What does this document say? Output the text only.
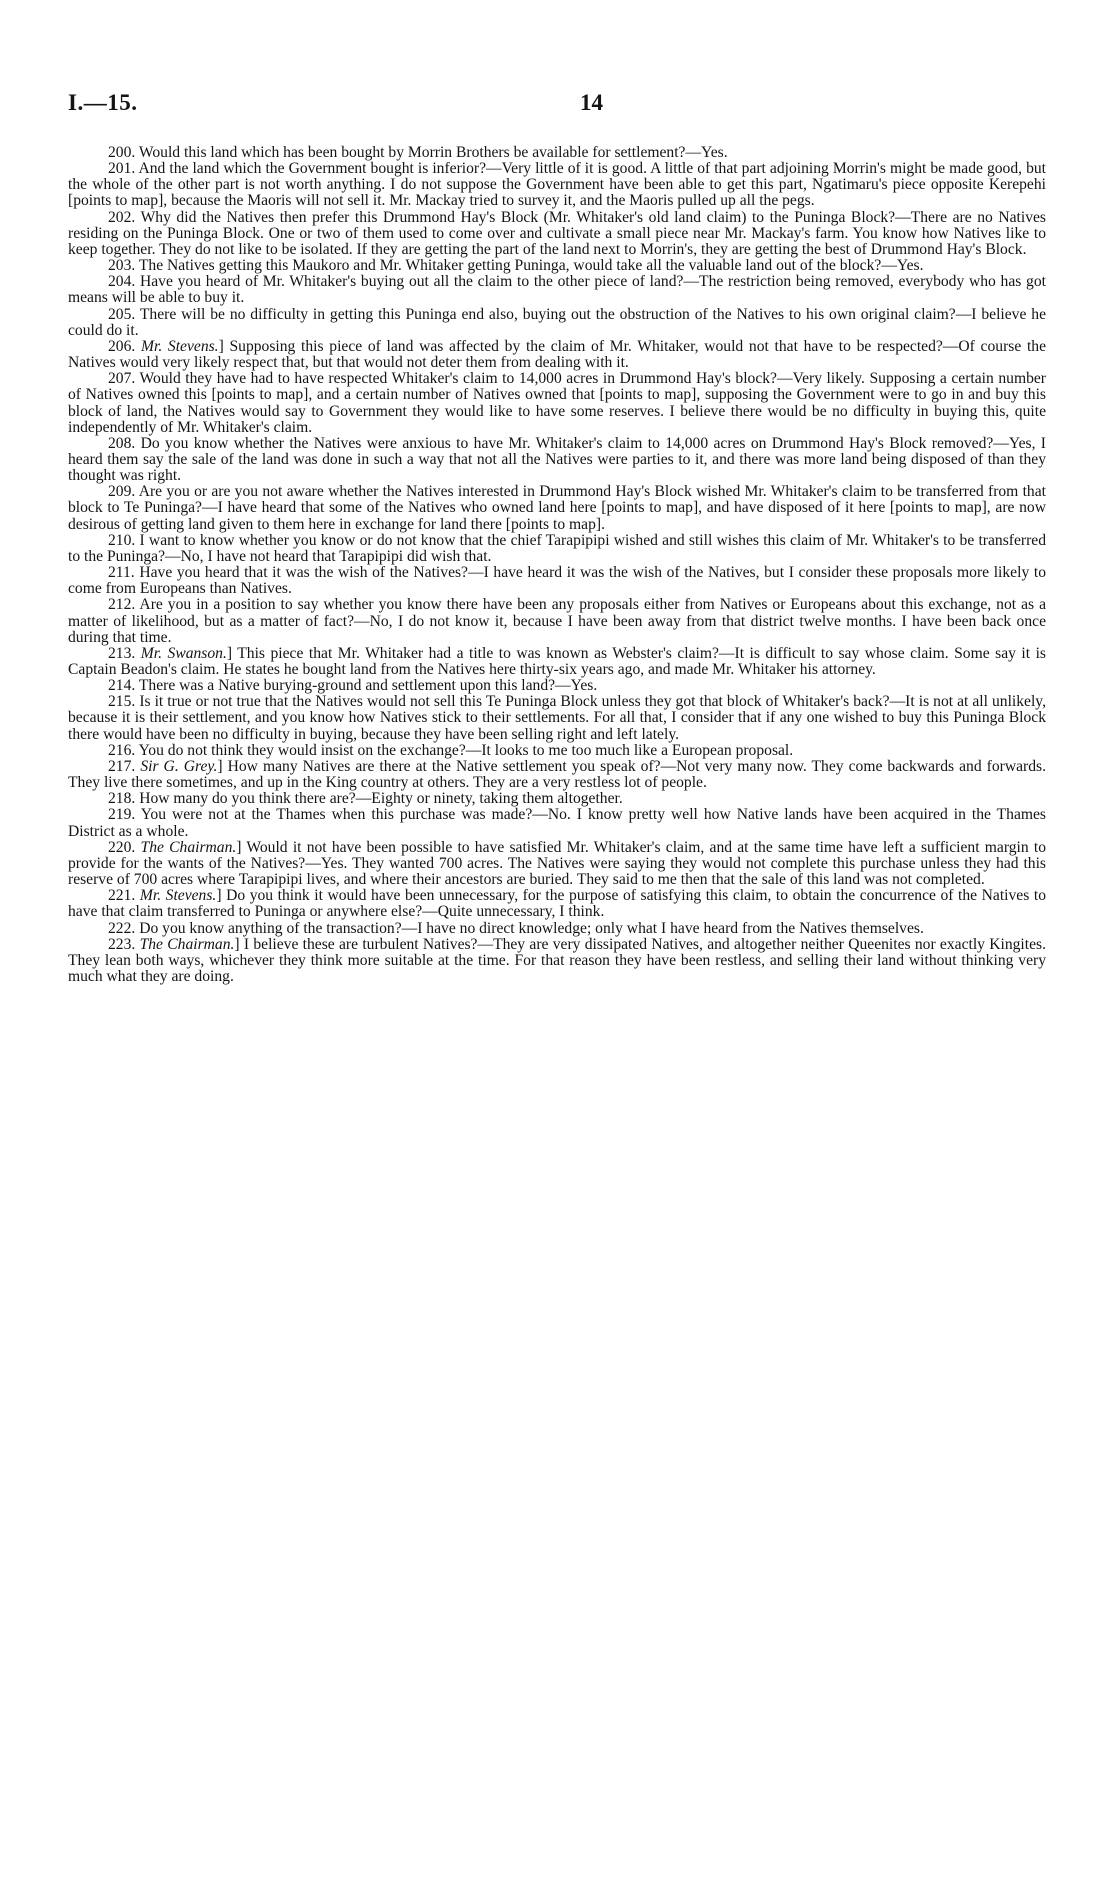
I.—15.	14

200. Would this land which has been bought by Morrin Brothers be available for settlement?—Yes.

201. And the land which the Government bought is inferior?—Very little of it is good. A little of that part adjoining Morrin's might be made good, but the whole of the other part is not worth anything. I do not suppose the Government have been able to get this part, Ngatimaru's piece opposite Kerepehi [points to map], because the Maoris will not sell it. Mr. Mackay tried to survey it, and the Maoris pulled up all the pegs.

202. Why did the Natives then prefer this Drummond Hay's Block (Mr. Whitaker's old land claim) to the Puninga Block?—There are no Natives residing on the Puninga Block. One or two of them used to come over and cultivate a small piece near Mr. Mackay's farm. You know how Natives like to keep together. They do not like to be isolated. If they are getting the part of the land next to Morrin's, they are getting the best of Drummond Hay's Block.

203. The Natives getting this Maukoro and Mr. Whitaker getting Puninga, would take all the valuable land out of the block?—Yes.

204. Have you heard of Mr. Whitaker's buying out all the claim to the other piece of land?—The restriction being removed, everybody who has got means will be able to buy it.

205. There will be no difficulty in getting this Puninga end also, buying out the obstruction of the Natives to his own original claim?—I believe he could do it.

206. Mr. Stevens.] Supposing this piece of land was affected by the claim of Mr. Whitaker, would not that have to be respected?—Of course the Natives would very likely respect that, but that would not deter them from dealing with it.

207. Would they have had to have respected Whitaker's claim to 14,000 acres in Drummond Hay's block?—Very likely. Supposing a certain number of Natives owned this [points to map], and a certain number of Natives owned that [points to map], supposing the Government were to go in and buy this block of land, the Natives would say to Government they would like to have some reserves. I believe there would be no difficulty in buying this, quite independently of Mr. Whitaker's claim.

208. Do you know whether the Natives were anxious to have Mr. Whitaker's claim to 14,000 acres on Drummond Hay's Block removed?—Yes, I heard them say the sale of the land was done in such a way that not all the Natives were parties to it, and there was more land being disposed of than they thought was right.

209. Are you or are you not aware whether the Natives interested in Drummond Hay's Block wished Mr. Whitaker's claim to be transferred from that block to Te Puninga?—I have heard that some of the Natives who owned land here [points to map], and have disposed of it here [points to map], are now desirous of getting land given to them here in exchange for land there [points to map].

210. I want to know whether you know or do not know that the chief Tarapipipi wished and still wishes this claim of Mr. Whitaker's to be transferred to the Puninga?—No, I have not heard that Tarapipipi did wish that.

211. Have you heard that it was the wish of the Natives?—I have heard it was the wish of the Natives, but I consider these proposals more likely to come from Europeans than Natives.

212. Are you in a position to say whether you know there have been any proposals either from Natives or Europeans about this exchange, not as a matter of likelihood, but as a matter of fact?—No, I do not know it, because I have been away from that district twelve months. I have been back once during that time.

213. Mr. Swanson.] This piece that Mr. Whitaker had a title to was known as Webster's claim?—It is difficult to say whose claim. Some say it is Captain Beadon's claim. He states he bought land from the Natives here thirty-six years ago, and made Mr. Whitaker his attorney.

214. There was a Native burying-ground and settlement upon this land?—Yes.

215. Is it true or not true that the Natives would not sell this Te Puninga Block unless they got that block of Whitaker's back?—It is not at all unlikely, because it is their settlement, and you know how Natives stick to their settlements. For all that, I consider that if any one wished to buy this Puninga Block there would have been no difficulty in buying, because they have been selling right and left lately.

216. You do not think they would insist on the exchange?—It looks to me too much like a European proposal.

217. Sir G. Grey.] How many Natives are there at the Native settlement you speak of?—Not very many now. They come backwards and forwards. They live there sometimes, and up in the King country at others. They are a very restless lot of people.

218. How many do you think there are?—Eighty or ninety, taking them altogether.

219. You were not at the Thames when this purchase was made?—No. I know pretty well how Native lands have been acquired in the Thames District as a whole.

220. The Chairman.] Would it not have been possible to have satisfied Mr. Whitaker's claim, and at the same time have left a sufficient margin to provide for the wants of the Natives?—Yes. They wanted 700 acres. The Natives were saying they would not complete this purchase unless they had this reserve of 700 acres where Tarapipipi lives, and where their ancestors are buried. They said to me then that the sale of this land was not completed.

221. Mr. Stevens.] Do you think it would have been unnecessary, for the purpose of satisfying this claim, to obtain the concurrence of the Natives to have that claim transferred to Puninga or anywhere else?—Quite unnecessary, I think.

222. Do you know anything of the transaction?—I have no direct knowledge; only what I have heard from the Natives themselves.

223. The Chairman.] I believe these are turbulent Natives?—They are very dissipated Natives, and altogether neither Queenites nor exactly Kingites. They lean both ways, whichever they think more suitable at the time. For that reason they have been restless, and selling their land without thinking very much what they are doing.
